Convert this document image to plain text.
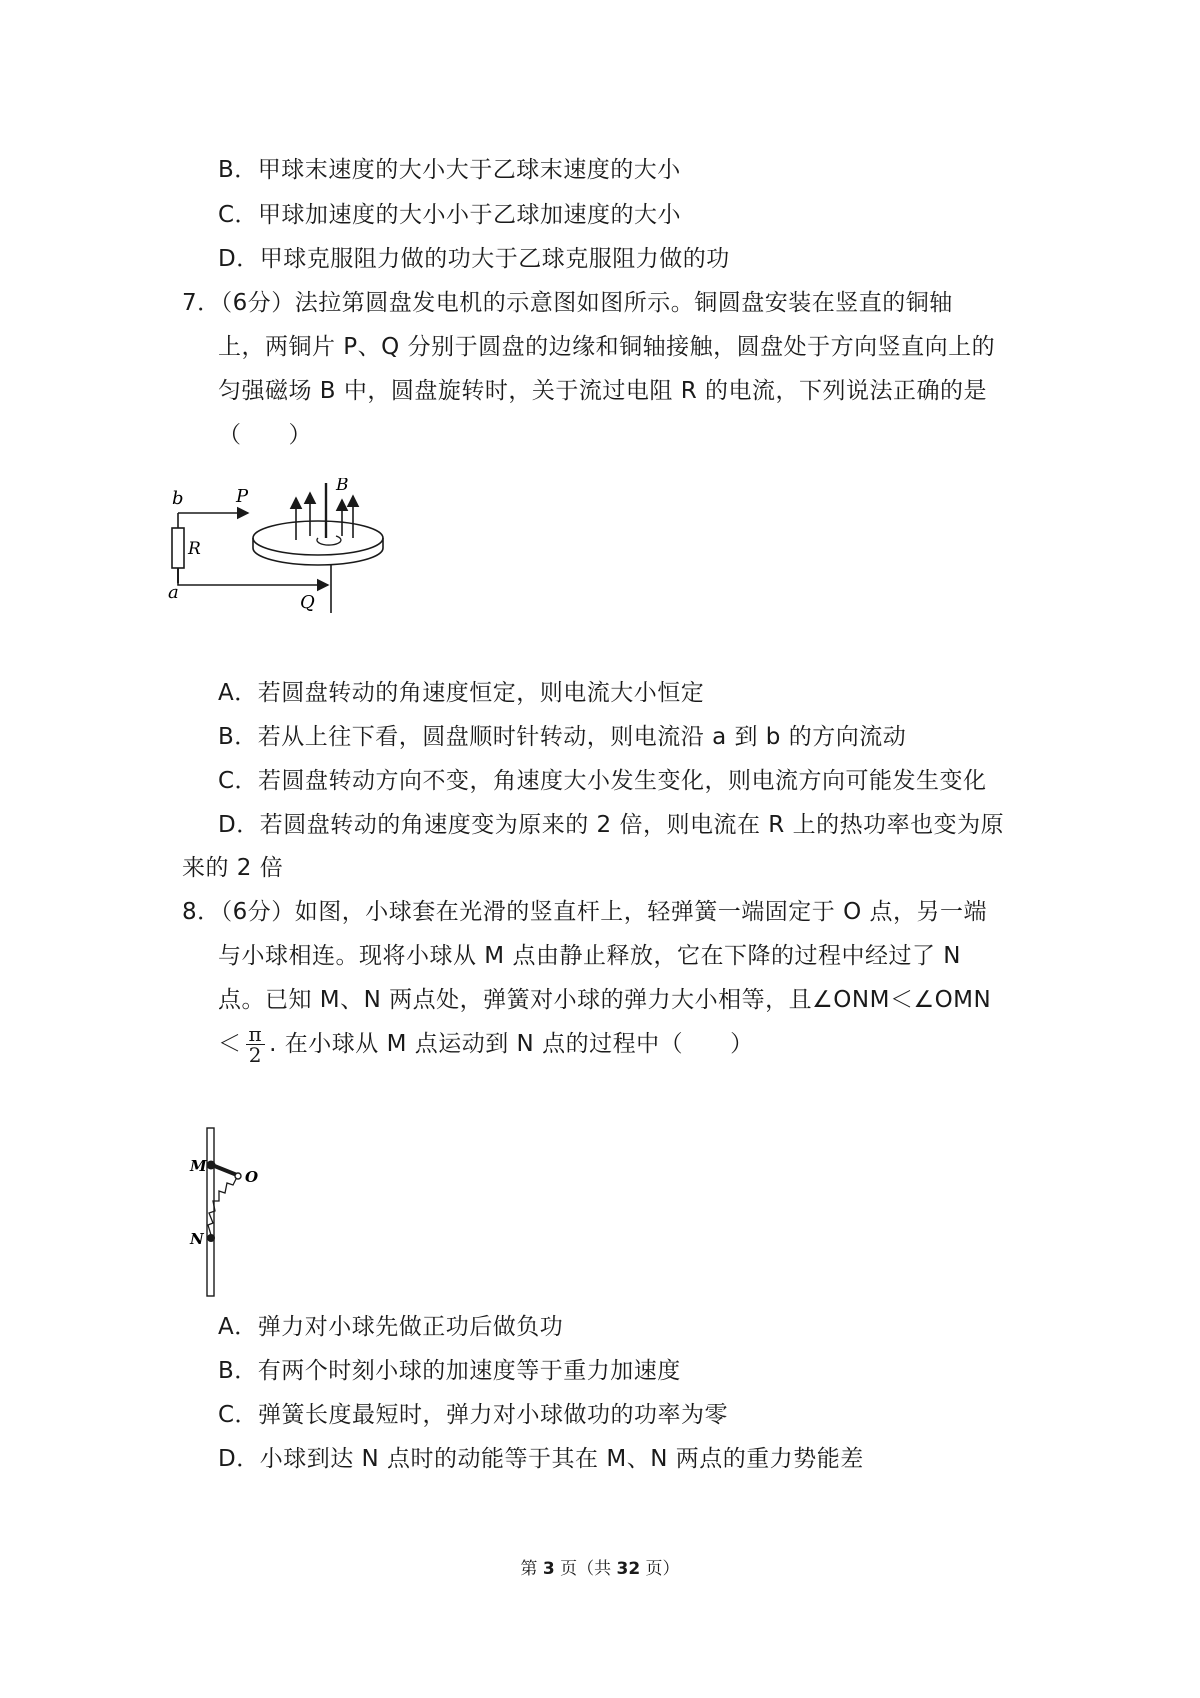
B．甲球末速度的大小大于乙球末速度的大小
C．甲球加速度的大小小于乙球加速度的大小
D．甲球克服阻力做的功大于乙球克服阻力做的功
7．（6分）法拉第圆盘发电机的示意图如图所示。铜圆盘安装在竖直的铜轴
上，两铜片 P、Q 分别于圆盘的边缘和铜轴接触，圆盘处于方向竖直向上的
匀强磁场 B 中，圆盘旋转时，关于流过电阻 R 的电流，下列说法正确的是
（　　）
B
P
Q
R
a
b
A．若圆盘转动的角速度恒定，则电流大小恒定
B．若从上往下看，圆盘顺时针转动，则电流沿 a 到 b 的方向流动
C．若圆盘转动方向不变，角速度大小发生变化，则电流方向可能发生变化
D．若圆盘转动的角速度变为原来的 2 倍，则电流在 R 上的热功率也变为原
来的 2 倍
8．（6分）如图，小球套在光滑的竖直杆上，轻弹簧一端固定于 O 点，另一端
与小球相连。现将小球从 M 点由静止释放，它在下降的过程中经过了 N
点。已知 M、N 两点处，弹簧对小球的弹力大小相等，且∠ONM＜∠OMN
＜ $\frac{\pi}{2}$ . 在小球从 M 点运动到 N 点的过程中（　　）
M
O
N
A．弹力对小球先做正功后做负功
B．有两个时刻小球的加速度等于重力加速度
C．弹簧长度最短时，弹力对小球做功的功率为零
D．小球到达 N 点时的动能等于其在 M、N 两点的重力势能差
第 3 页（共 32 页）
